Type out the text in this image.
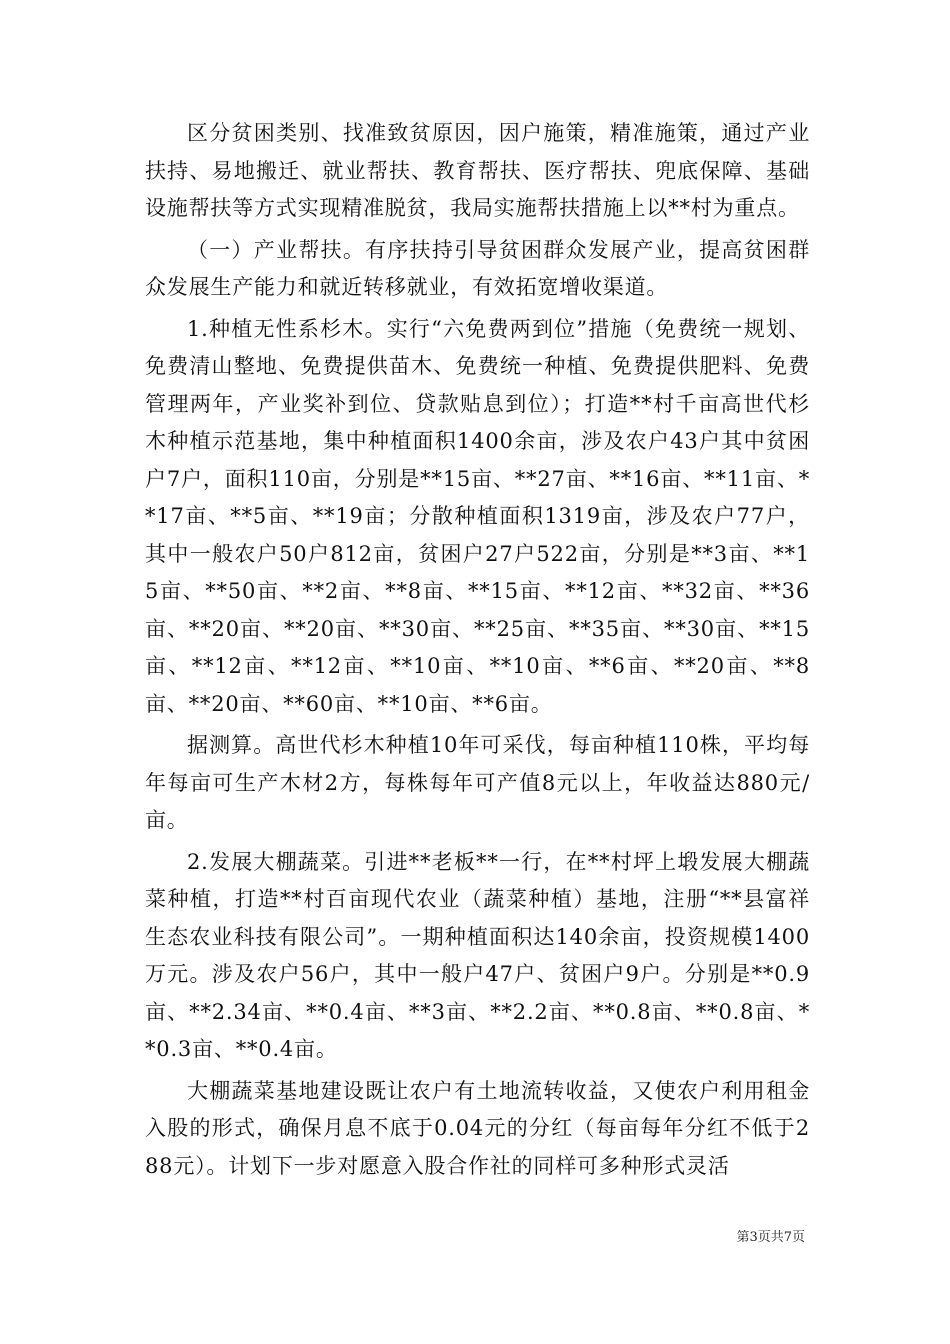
区分贫困类别、找准致贫原因，因户施策，精准施策，通过产业扶持、易地搬迁、就业帮扶、教育帮扶、医疗帮扶、兜底保障、基础设施帮扶等方式实现精准脱贫，我局实施帮扶措施上以**村为重点。

（一）产业帮扶。有序扶持引导贫困群众发展产业，提高贫困群众发展生产能力和就近转移就业，有效拓宽增收渠道。

1.种植无性系杉木。实行“六免费两到位”措施（免费统一规划、免费清山整地、免费提供苗木、免费统一种植、免费提供肥料、免费管理两年，产业奖补到位、贷款贴息到位）；打造**村千亩高世代杉木种植示范基地，集中种植面积1400余亩，涉及农户43户其中贫困户7户，面积110亩，分别是**15亩、**27亩、**16亩、**11亩、**17亩、**5亩、**19亩；分散种植面积1319亩，涉及农户77户，其中一般农户50户812亩，贫困户27户522亩，分别是**3亩、**15亩、**50亩、**2亩、**8亩、**15亩、**12亩、**32亩、**36亩、**20亩、**20亩、**30亩、**25亩、**35亩、**30亩、**15亩、**12亩、**12亩、**10亩、**10亩、**6亩、**20亩、**8亩、**20亩、**60亩、**10亩、**6亩。

据测算。高世代杉木种植10年可采伐，每亩种植110株，平均每年每亩可生产木材2方，每株每年可产值8元以上，年收益达880元/亩。

2.发展大棚蔬菜。引进**老板**一行，在**村坪上塅发展大棚蔬菜种植，打造**村百亩现代农业（蔬菜种植）基地，注册“**县富祥生态农业科技有限公司”。一期种植面积达140余亩，投资规模1400万元。涉及农户56户，其中一般户47户、贫困户9户。分别是**0.9亩、**2.34亩、**0.4亩、**3亩、**2.2亩、**0.8亩、**0.8亩、**0.3亩、**0.4亩。

大棚蔬菜基地建设既让农户有土地流转收益，又使农户利用租金入股的形式，确保月息不底于0.04元的分红（每亩每年分红不低于288元）。计划下一步对愿意入股合作社的同样可多种形式灵活

第3页共7页
